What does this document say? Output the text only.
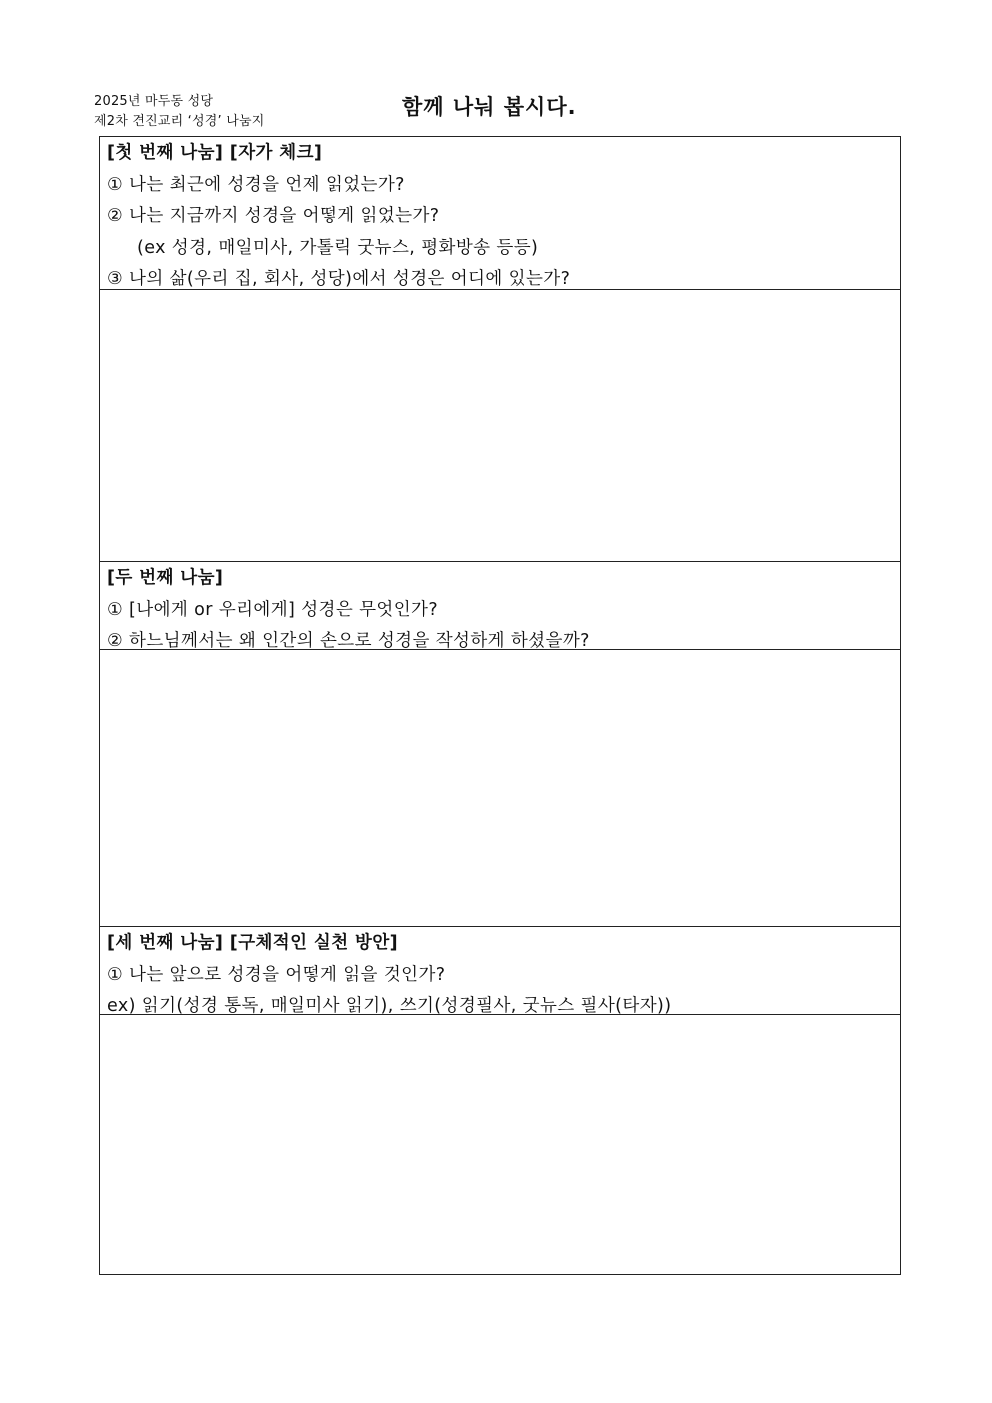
2025년 마두동 성당
제2차 견진교리 ‘성경’ 나눔지
함께 나눠 봅시다.
[첫 번째 나눔] [자가 체크]
① 나는 최근에 성경을 언제 읽었는가?
② 나는 지금까지 성경을 어떻게 읽었는가?
(ex 성경, 매일미사, 가톨릭 굿뉴스, 평화방송 등등)
③ 나의 삶(우리 집, 회사, 성당)에서 성경은 어디에 있는가?
[두 번째 나눔]
① [나에게 or 우리에게] 성경은 무엇인가?
② 하느님께서는 왜 인간의 손으로 성경을 작성하게 하셨을까?
[세 번째 나눔] [구체적인 실천 방안]
① 나는 앞으로 성경을 어떻게 읽을 것인가?
ex) 읽기(성경 통독, 매일미사 읽기), 쓰기(성경필사, 굿뉴스 필사(타자))
